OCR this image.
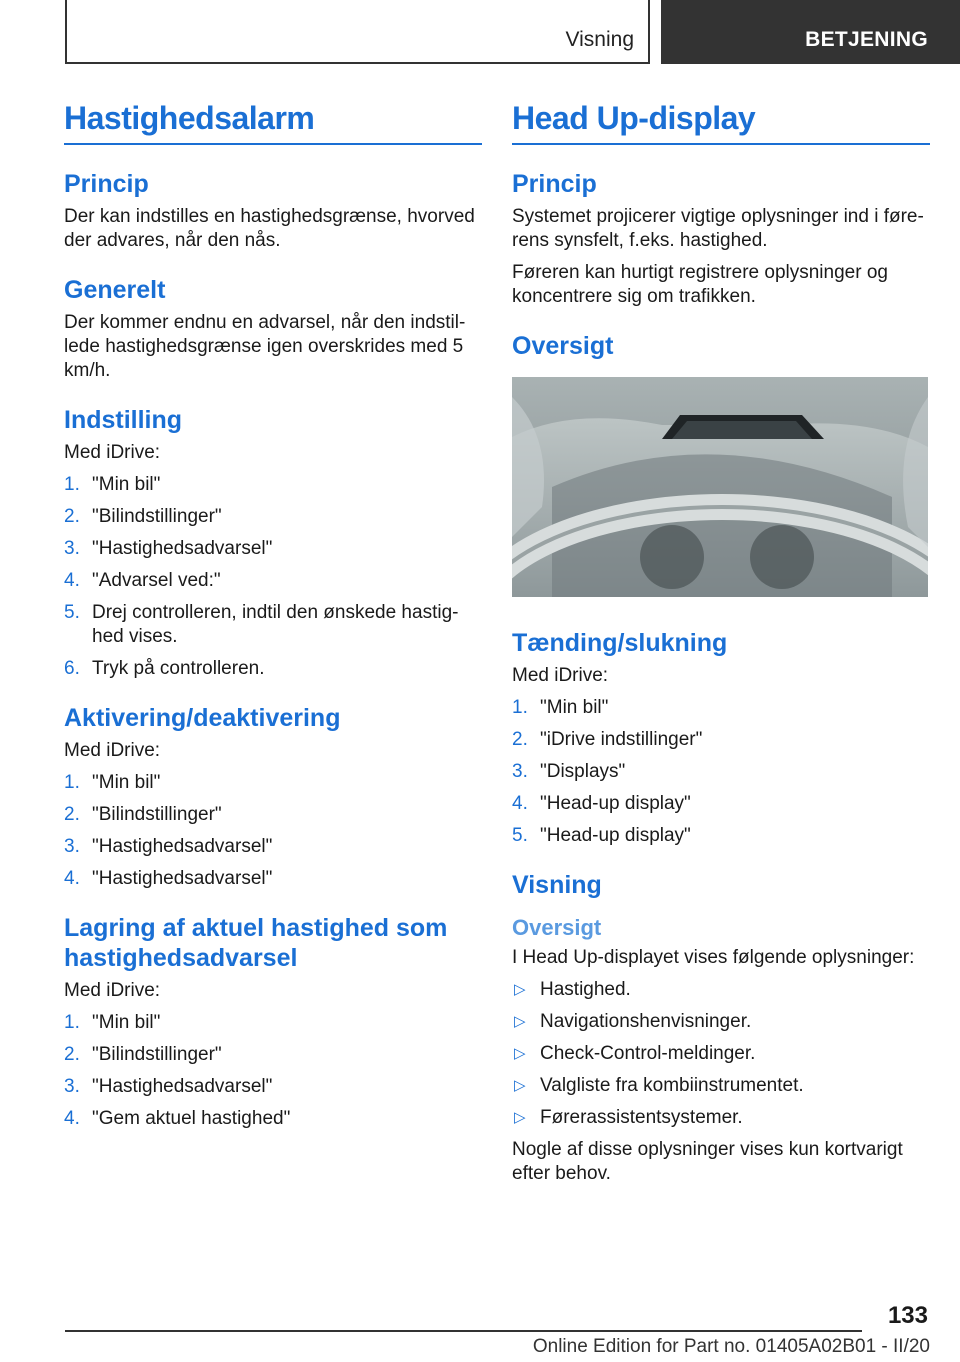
Visning	BETJENING
Hastighedsalarm
Princip
Der kan indstilles en hastighedsgrænse, hvorved der advares, når den nås.
Generelt
Der kommer endnu en advarsel, når den indstillede hastighedsgrænse igen overskrides med 5 km/h.
Indstilling
Med iDrive:
1. "Min bil"
2. "Bilindstillinger"
3. "Hastighedsadvarsel"
4. "Advarsel ved:"
5. Drej controlleren, indtil den ønskede hastighed vises.
6. Tryk på controlleren.
Aktivering/deaktivering
Med iDrive:
1. "Min bil"
2. "Bilindstillinger"
3. "Hastighedsadvarsel"
4. "Hastighedsadvarsel"
Lagring af aktuel hastighed som hastighedsadvarsel
Med iDrive:
1. "Min bil"
2. "Bilindstillinger"
3. "Hastighedsadvarsel"
4. "Gem aktuel hastighed"
Head Up-display
Princip
Systemet projicerer vigtige oplysninger ind i førerens synsfelt, f.eks. hastighed.
Føreren kan hurtigt registrere oplysninger og koncentrere sig om trafikken.
Oversigt
Tænding/slukning
Med iDrive:
1. "Min bil"
2. "iDrive indstillinger"
3. "Displays"
4. "Head-up display"
5. "Head-up display"
Visning
Oversigt
I Head Up-displayet vises følgende oplysninger:
▷ Hastighed.
▷ Navigationshenvisninger.
▷ Check-Control-meldinger.
▷ Valgliste fra kombiinstrumentet.
▷ Førerassistentsystemer.
Nogle af disse oplysninger vises kun kortvarigt efter behov.
133
Online Edition for Part no. 01405A02B01 - II/20
